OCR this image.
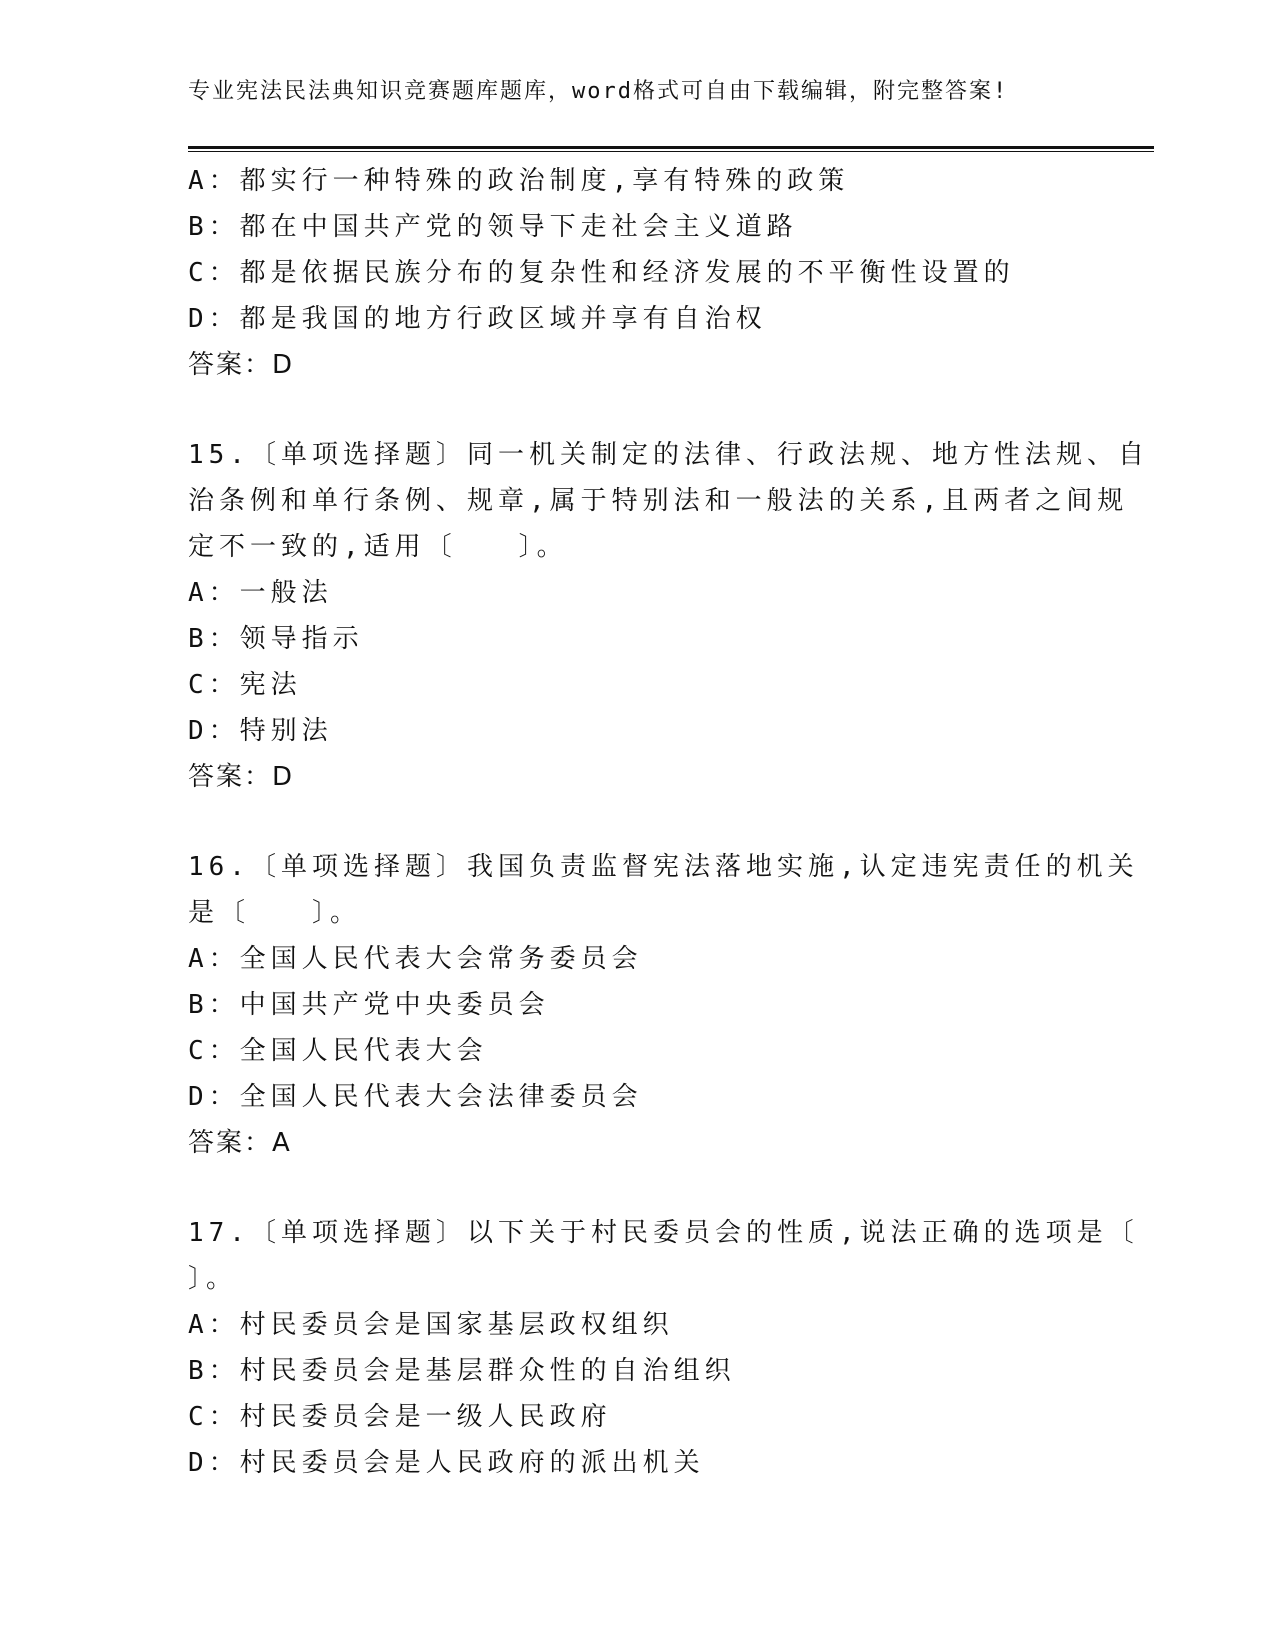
专业宪法民法典知识竞赛题库题库，word格式可自由下载编辑，附完整答案!
A：都实行一种特殊的政治制度,享有特殊的政策
B：都在中国共产党的领导下走社会主义道路
C：都是依据民族分布的复杂性和经济发展的不平衡性设置的
D：都是我国的地方行政区域并享有自治权
答案：D
15.〔单项选择题〕同一机关制定的法律、行政法规、地方性法规、自
治条例和单行条例、规章,属于特别法和一般法的关系,且两者之间规
定不一致的,适用〔　　〕。
A：一般法
B：领导指示
C：宪法
D：特别法
答案：D
16.〔单项选择题〕我国负责监督宪法落地实施,认定违宪责任的机关
是〔　　〕。
A：全国人民代表大会常务委员会
B：中国共产党中央委员会
C：全国人民代表大会
D：全国人民代表大会法律委员会
答案：A
17.〔单项选择题〕以下关于村民委员会的性质,说法正确的选项是〔
〕。
A：村民委员会是国家基层政权组织
B：村民委员会是基层群众性的自治组织
C：村民委员会是一级人民政府
D：村民委员会是人民政府的派出机关
